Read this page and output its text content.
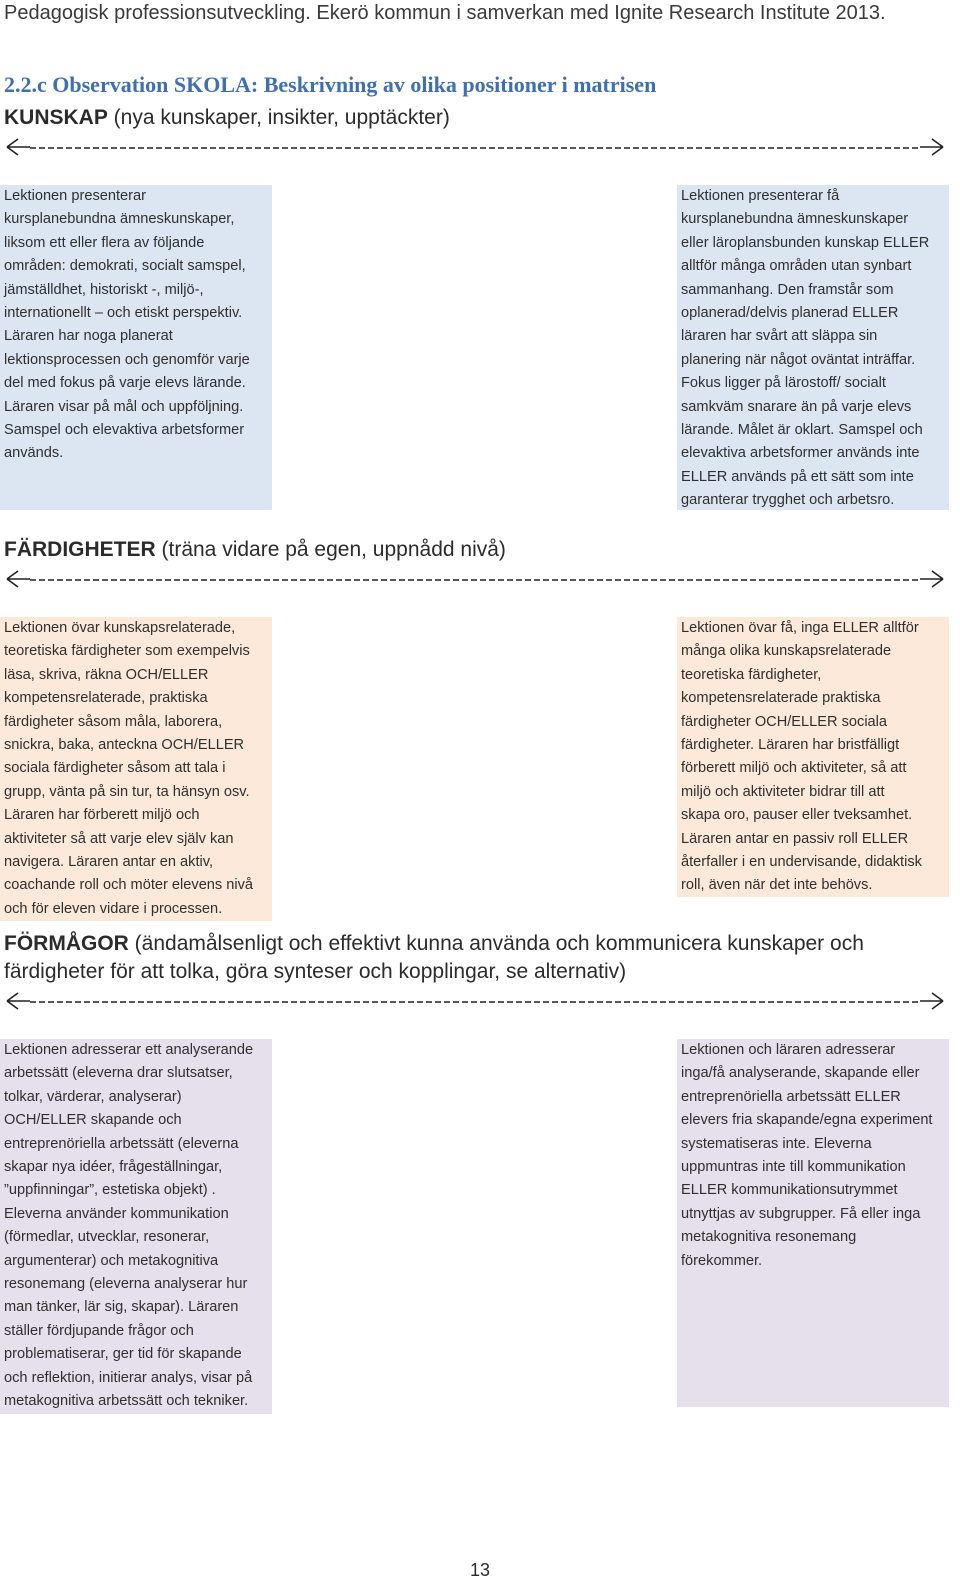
Pedagogisk professionsutveckling. Ekerö kommun i samverkan med Ignite Research Institute 2013.
2.2.c Observation SKOLA: Beskrivning av olika positioner i matrisen
KUNSKAP (nya kunskaper, insikter, upptäckter)
Lektionen presenterar
kursplanebundna ämneskunskaper,
liksom ett eller flera av följande
områden: demokrati, socialt samspel,
jämställdhet, historiskt -, miljö-,
internationellt – och etiskt perspektiv.
Läraren har noga planerat
lektionsprocessen och genomför varje
del med fokus på varje elevs lärande.
Läraren visar på mål och uppföljning.
Samspel och elevaktiva arbetsformer
används.
Lektionen presenterar få
kursplanebundna ämneskunskaper
eller läroplansbunden kunskap ELLER
alltför många områden utan synbart
sammanhang. Den framstår som
oplanerad/delvis planerad ELLER
läraren har svårt att släppa sin
planering när något oväntat inträffar.
Fokus ligger på lärostoff/ socialt
samkväm snarare än på varje elevs
lärande. Målet är oklart. Samspel och
elevaktiva arbetsformer används inte
ELLER används på ett sätt som inte
garanterar trygghet och arbetsro.
FÄRDIGHETER (träna vidare på egen, uppnådd nivå)
Lektionen övar kunskapsrelaterade,
teoretiska färdigheter som exempelvis
läsa, skriva, räkna OCH/ELLER
kompetensrelaterade, praktiska
färdigheter såsom måla, laborera,
snickra, baka, anteckna OCH/ELLER
sociala färdigheter såsom att tala i
grupp, vänta på sin tur, ta hänsyn osv.
Läraren har förberett miljö och
aktiviteter så att varje elev själv kan
navigera. Läraren antar en aktiv,
coachande roll och möter elevens nivå
och för eleven vidare i processen.
Lektionen övar få, inga ELLER alltför
många olika kunskapsrelaterade
teoretiska färdigheter,
kompetensrelaterade praktiska
färdigheter OCH/ELLER sociala
färdigheter. Läraren har bristfälligt
förberett miljö och aktiviteter, så att
miljö och aktiviteter bidrar till att
skapa oro, pauser eller tveksamhet.
Läraren antar en passiv roll ELLER
återfaller i en undervisande, didaktisk
roll, även när det inte behövs.
FÖRMÅGOR (ändamålsenligt och effektivt kunna använda och kommunicera kunskaper och
färdigheter för att tolka, göra synteser och kopplingar, se alternativ)
Lektionen adresserar ett analyserande
arbetssätt (eleverna drar slutsatser,
tolkar, värderar, analyserar)
OCH/ELLER skapande och
entreprenöriella arbetssätt (eleverna
skapar nya idéer, frågeställningar,
”uppfinningar”, estetiska objekt) .
Eleverna använder kommunikation
(förmedlar, utvecklar, resonerar,
argumenterar) och metakognitiva
resonemang (eleverna analyserar hur
man tänker, lär sig, skapar). Läraren
ställer fördjupande frågor och
problematiserar, ger tid för skapande
och reflektion, initierar analys, visar på
metakognitiva arbetssätt och tekniker.
Lektionen och läraren adresserar
inga/få analyserande, skapande eller
entreprenöriella arbetssätt ELLER
elevers fria skapande/egna experiment
systematiseras inte. Eleverna
uppmuntras inte till kommunikation
ELLER kommunikationsutrymmet
utnyttjas av subgrupper. Få eller inga
metakognitiva resonemang
förekommer.
13
